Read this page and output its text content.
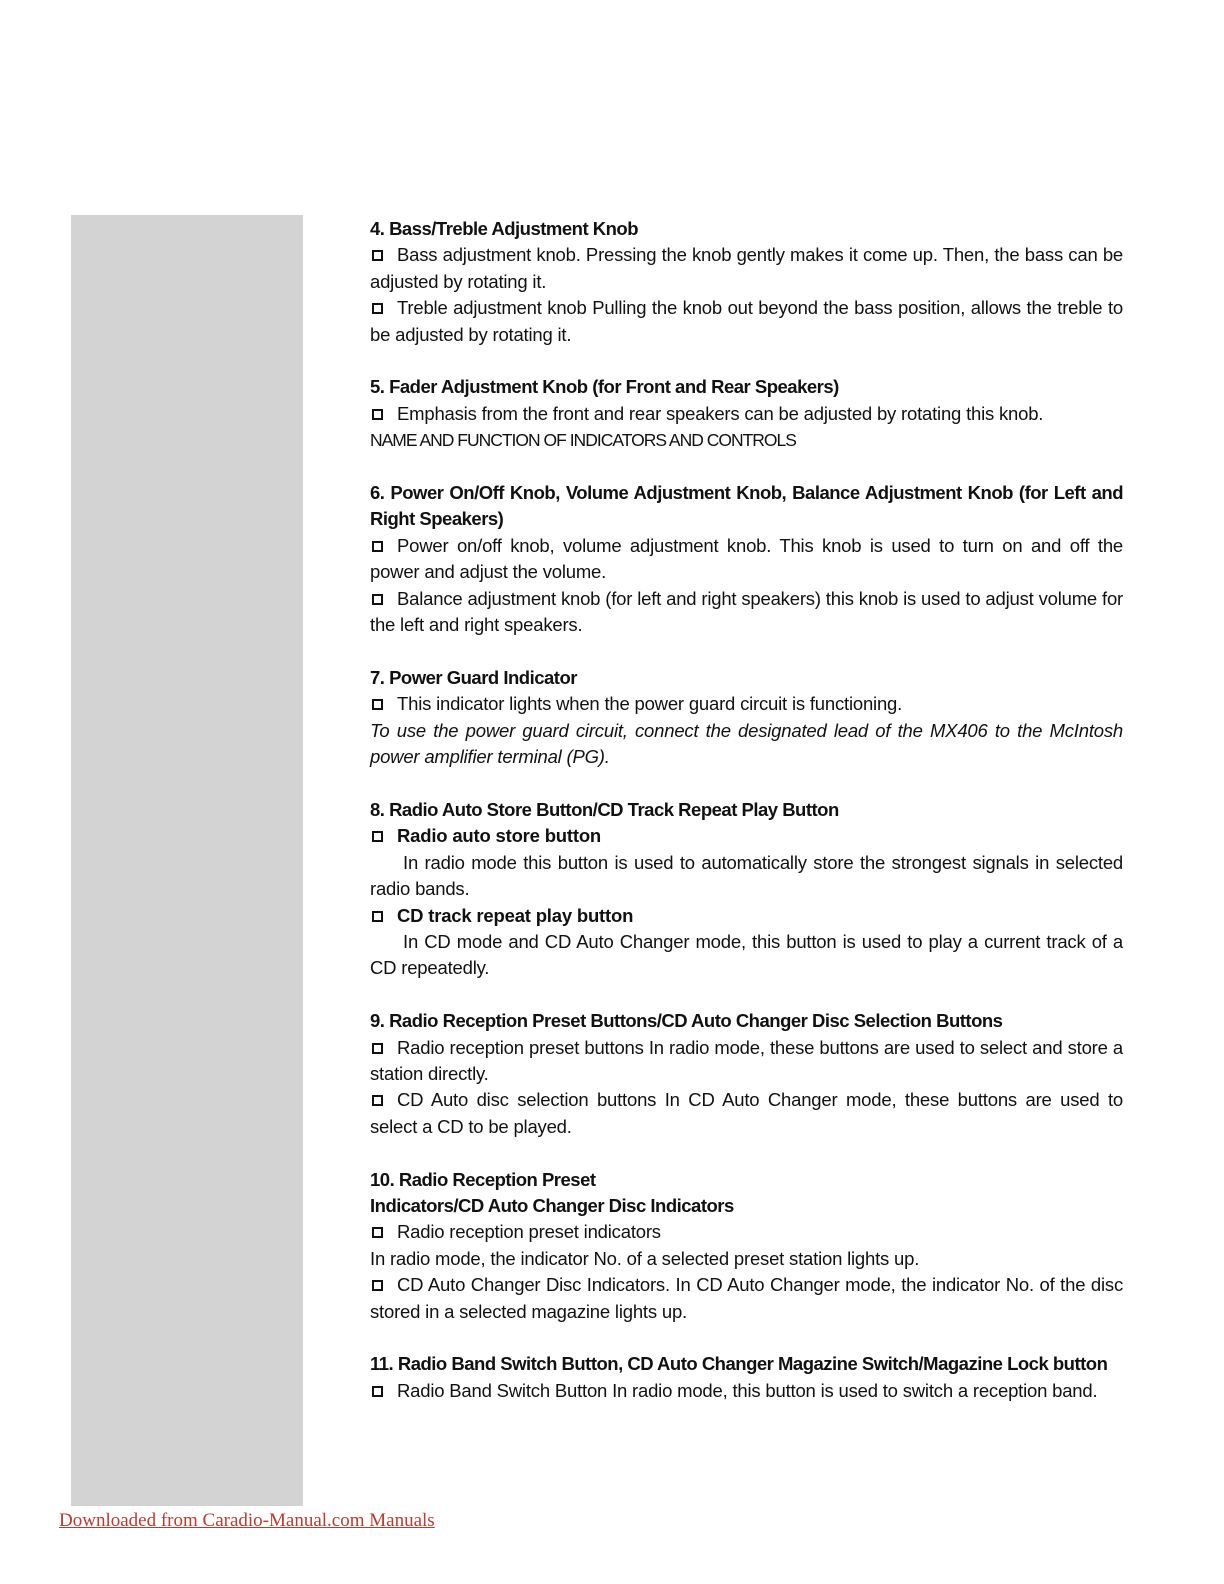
4. Bass/Treble Adjustment Knob

Bass adjustment knob. Pressing the knob gently makes it come up. Then, the bass can be adjusted by rotating it.

Treble adjustment knob Pulling the knob out beyond the bass position, allows the treble to be adjusted by rotating it.

5. Fader Adjustment Knob (for Front and Rear Speakers)

Emphasis from the front and rear speakers can be adjusted by rotating this knob.

NAME AND FUNCTION OF INDICATORS AND CONTROLS

6. Power On/Off Knob, Volume Adjustment Knob, Balance Adjustment Knob (for Left and Right Speakers)

Power on/off knob, volume adjustment knob. This knob is used to turn on and off the power and adjust the volume.

Balance adjustment knob (for left and right speakers) this knob is used to adjust volume for the left and right speakers.

7. Power Guard Indicator

This indicator lights when the power guard circuit is functioning.

To use the power guard circuit, connect the designated lead of the MX406 to the McIntosh power amplifier terminal (PG).

8. Radio Auto Store Button/CD Track Repeat Play Button

Radio auto store button

In radio mode this button is used to automatically store the strongest signals in selected radio bands.

CD track repeat play button

In CD mode and CD Auto Changer mode, this button is used to play a current track of a CD repeatedly.

9. Radio Reception Preset Buttons/CD Auto Changer Disc Selection Buttons

Radio reception preset buttons In radio mode, these buttons are used to select and store a station directly.

CD Auto disc selection buttons In CD Auto Changer mode, these buttons are used to select a CD to be played.

10. Radio Reception Preset

Indicators/CD Auto Changer Disc Indicators

Radio reception preset indicators

In radio mode, the indicator No. of a selected preset station lights up.

CD Auto Changer Disc Indicators. In CD Auto Changer mode, the indicator No. of the disc stored in a selected magazine lights up.

11. Radio Band Switch Button, CD Auto Changer Magazine Switch/Magazine Lock button

Radio Band Switch Button In radio mode, this button is used to switch a reception band.

Downloaded from Caradio-Manual.com Manuals
